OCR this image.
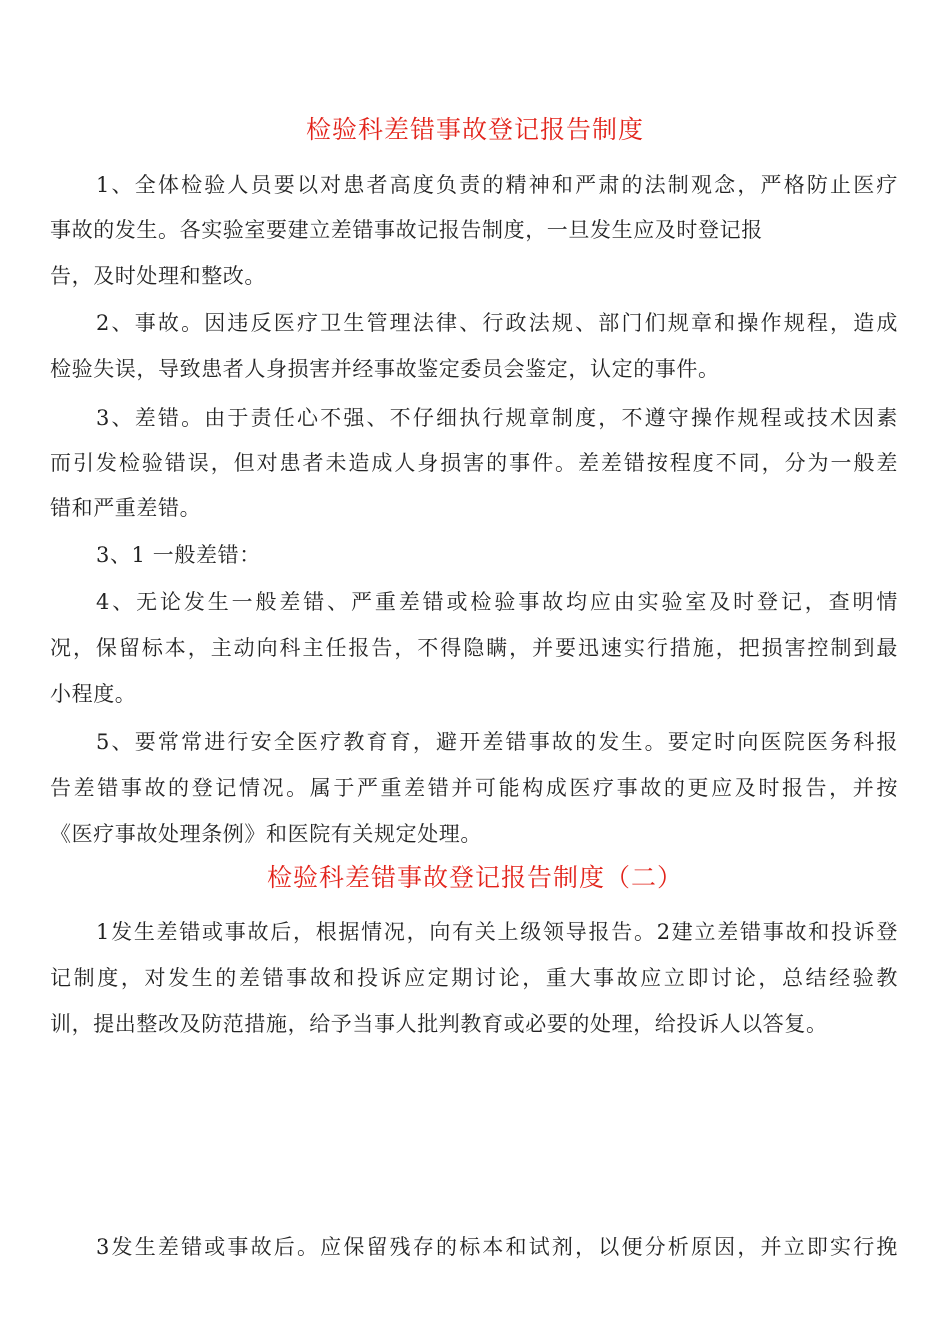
检验科差错事故登记报告制度
1、全体检验人员要以对患者高度负责的精神和严肃的法制观念，严格防止医疗
事故的发生。各实验室要建立差错事故记报告制度，一旦发生应及时登记报
告，及时处理和整改。
2、事故。因违反医疗卫生管理法律、行政法规、部门们规章和操作规程，造成
检验失误，导致患者人身损害并经事故鉴定委员会鉴定，认定的事件。
3、差错。由于责任心不强、不仔细执行规章制度，不遵守操作规程或技术因素
而引发检验错误，但对患者未造成人身损害的事件。差差错按程度不同，分为一般差
错和严重差错。
3、1 一般差错：
4、无论发生一般差错、严重差错或检验事故均应由实验室及时登记，查明情
况，保留标本，主动向科主任报告，不得隐瞒，并要迅速实行措施，把损害控制到最
小程度。
5、要常常进行安全医疗教育育，避开差错事故的发生。要定时向医院医务科报
告差错事故的登记情况。属于严重差错并可能构成医疗事故的更应及时报告，并按
《医疗事故处理条例》和医院有关规定处理。
检验科差错事故登记报告制度（二）
1发生差错或事故后，根据情况，向有关上级领导报告。2建立差错事故和投诉登
记制度，对发生的差错事故和投诉应定期讨论，重大事故应立即讨论，总结经验教
训，提出整改及防范措施，给予当事人批判教育或必要的处理，给投诉人以答复。
3发生差错或事故后。应保留残存的标本和试剂，以便分析原因，并立即实行挽
